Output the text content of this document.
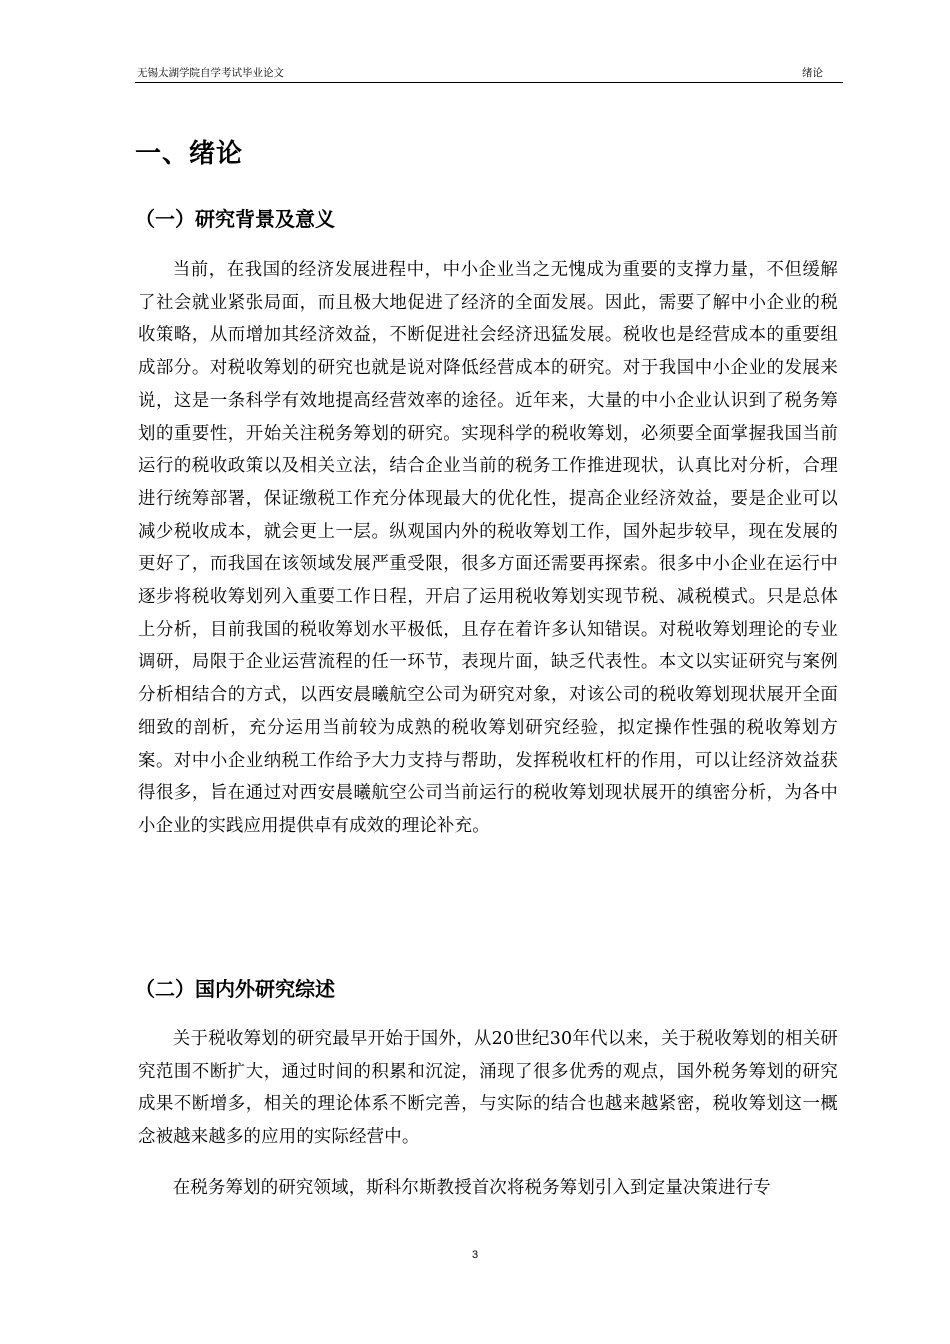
无锡太湖学院自学考试毕业论文	绪论
一、绪论
（一）研究背景及意义

当前，在我国的经济发展进程中，中小企业当之无愧成为重要的支撑力量，不但缓解了社会就业紧张局面，而且极大地促进了经济的全面发展。因此，需要了解中小企业的税收策略，从而增加其经济效益，不断促进社会经济迅猛发展。税收也是经营成本的重要组成部分。对税收筹划的研究也就是说对降低经营成本的研究。对于我国中小企业的发展来说，这是一条科学有效地提高经营效率的途径。近年来，大量的中小企业认识到了税务筹划的重要性，开始关注税务筹划的研究。实现科学的税收筹划，必须要全面掌握我国当前运行的税收政策以及相关立法，结合企业当前的税务工作推进现状，认真比对分析，合理进行统筹部署，保证缴税工作充分体现最大的优化性，提高企业经济效益，要是企业可以减少税收成本，就会更上一层。纵观国内外的税收筹划工作，国外起步较早，现在发展的更好了，而我国在该领域发展严重受限，很多方面还需要再探索。很多中小企业在运行中逐步将税收筹划列入重要工作日程，开启了运用税收筹划实现节税、减税模式。只是总体上分析，目前我国的税收筹划水平极低，且存在着许多认知错误。对税收筹划理论的专业调研，局限于企业运营流程的任一环节，表现片面，缺乏代表性。本文以实证研究与案例分析相结合的方式，以西安晨曦航空公司为研究对象，对该公司的税收筹划现状展开全面细致的剖析，充分运用当前较为成熟的税收筹划研究经验，拟定操作性强的税收筹划方案。对中小企业纳税工作给予大力支持与帮助，发挥税收杠杆的作用，可以让经济效益获得很多，旨在通过对西安晨曦航空公司当前运行的税收筹划现状展开的缜密分析，为各中小企业的实践应用提供卓有成效的理论补充。

（二）国内外研究综述

关于税收筹划的研究最早开始于国外，从20世纪30年代以来，关于税收筹划的相关研究范围不断扩大，通过时间的积累和沉淀，涌现了很多优秀的观点，国外税务筹划的研究成果不断增多，相关的理论体系不断完善，与实际的结合也越来越紧密，税收筹划这一概念被越来越多的应用的实际经营中。

在税务筹划的研究领域，斯科尔斯教授首次将税务筹划引入到定量决策进行专

3
